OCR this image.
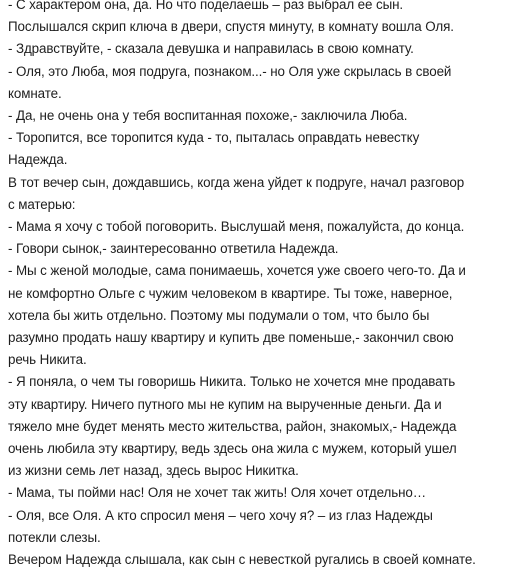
- С характером она, да. Но что поделаешь – раз выбрал ее сын.
Послышался скрип ключа в двери, спустя минуту, в комнату вошла Оля.
- Здравствуйте, - сказала девушка и направилась в свою комнату.
- Оля, это Люба, моя подруга, познаком...- но Оля уже скрылась в своей
комнате.
- Да, не очень она у тебя воспитанная похоже,- заключила Люба.
- Торопится, все торопится куда - то, пыталась оправдать невестку
Надежда.
В тот вечер сын, дождавшись, когда жена уйдет к подруге, начал разговор
с матерью:
- Мама я хочу с тобой поговорить. Выслушай меня, пожалуйста, до конца.
- Говори сынок,- заинтересованно ответила Надежда.
- Мы с женой молодые, сама понимаешь, хочется уже своего чего-то. Да и
не комфортно Ольге с чужим человеком в квартире. Ты тоже, наверное,
хотела бы жить отдельно. Поэтому мы подумали о том, что было бы
разумно продать нашу квартиру и купить две поменьше,- закончил свою
речь Никита.
- Я поняла, о чем ты говоришь Никита. Только не хочется мне продавать
эту квартиру. Ничего путного мы не купим на вырученные деньги. Да и
тяжело мне будет менять место жительства, район, знакомых,- Надежда
очень любила эту квартиру, ведь здесь она жила с мужем, который ушел
из жизни семь лет назад, здесь вырос Никитка.
- Мама, ты пойми нас! Оля не хочет так жить! Оля хочет отдельно…
- Оля, все Оля. А кто спросил меня – чего хочу я? – из глаз Надежды
потекли слезы.
Вечером Надежда слышала, как сын с невесткой ругались в своей комнате.
